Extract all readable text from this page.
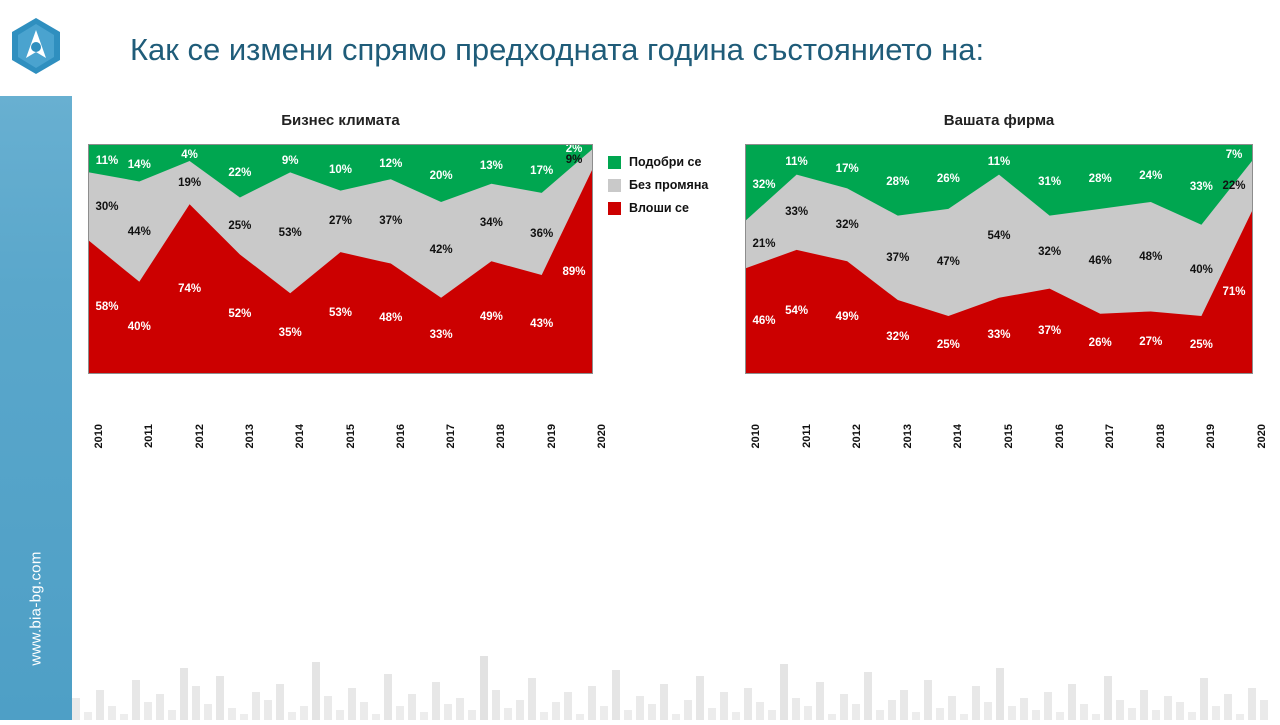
www.bia-bg.com
Как се измени спрямо предходната година състоянието на:
Бизнес климата
58%
30%
11%
40%
44%
14%
74%
19%
4%
52%
25%
22%
35%
53%
9%
53%
27%
10%
48%
37%
12%
33%
42%
20%
49%
34%
13%
43%
36%
17%
89%
9%
2%
2010	2011	2012	2013	2014	2015	2016	2017	2018	2019	2020
Подобри се
Без промяна
Влоши се
Вашата фирма
46%
21%
32%
54%
33%
11%
49%
32%
17%
32%
37%
28%
25%
47%
26%
33%
54%
11%
37%
32%
31%
26%
46%
28%
27%
48%
24%
25%
40%
33%
71%
22%
7%
2010	2011	2012	2013	2014	2015	2016	2017	2018	2019	2020
